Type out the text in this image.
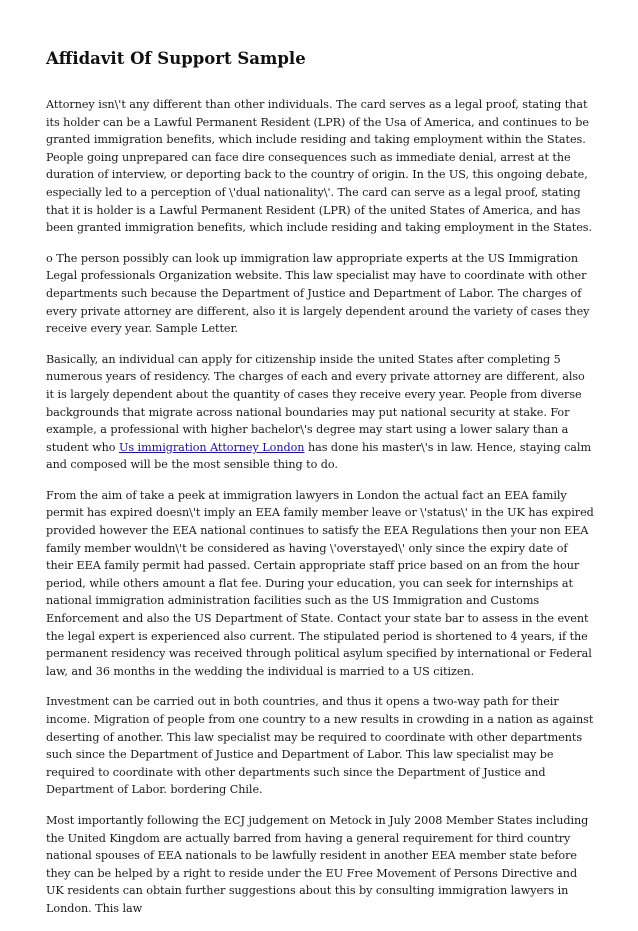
Affidavit Of Support Sample

Attorney isn\'t any different than other individuals. The card serves as a legal proof, stating that its holder can be a Lawful Permanent Resident (LPR) of the Usa of America, and continues to be granted immigration benefits, which include residing and taking employment within the States. People going unprepared can face dire consequences such as immediate denial, arrest at the duration of interview, or deporting back to the country of origin. In the US, this ongoing debate, especially led to a perception of \'dual nationality\'. The card can serve as a legal proof, stating that it is holder is a Lawful Permanent Resident (LPR) of the united States of America, and has been granted immigration benefits, which include residing and taking employment in the States.

o The person possibly can look up immigration law appropriate experts at the US Immigration Legal professionals Organization website. This law specialist may have to coordinate with other departments such because the Department of Justice and Department of Labor. The charges of every private attorney are different, also it is largely dependent around the variety of cases they receive every year. Sample Letter.

Basically, an individual can apply for citizenship inside the united States after completing 5 numerous years of residency. The charges of each and every private attorney are different, also it is largely dependent about the quantity of cases they receive every year. People from diverse backgrounds that migrate across national boundaries may put national security at stake. For example, a professional with higher bachelor\'s degree may start using a lower salary than a student who Us immigration Attorney London has done his master\'s in law. Hence, staying calm and composed will be the most sensible thing to do.

From the aim of take a peek at immigration lawyers in London the actual fact an EEA family permit has expired doesn\'t imply an EEA family member leave or \'status\' in the UK has expired provided however the EEA national continues to satisfy the EEA Regulations then your non EEA family member wouldn\'t be considered as having \'overstayed\' only since the expiry date of their EEA family permit had passed. Certain appropriate staff price based on an from the hour period, while others amount a flat fee. During your education, you can seek for internships at national immigration administration facilities such as the US Immigration and Customs Enforcement and also the US Department of State. Contact your state bar to assess in the event the legal expert is experienced also current. The stipulated period is shortened to 4 years, if the permanent residency was received through political asylum specified by international or Federal law, and 36 months in the wedding the individual is married to a US citizen.

Investment can be carried out in both countries, and thus it opens a two-way path for their income. Migration of people from one country to a new results in crowding in a nation as against deserting of another. This law specialist may be required to coordinate with other departments such since the Department of Justice and Department of Labor. This law specialist may be required to coordinate with other departments such since the Department of Justice and Department of Labor. bordering Chile.

Most importantly following the ECJ judgement on Metock in July 2008 Member States including the United Kingdom are actually barred from having a general requirement for third country national spouses of EEA nationals to be lawfully resident in another EEA member state before they can be helped by a right to reside under the EU Free Movement of Persons Directive and UK residents can obtain further suggestions about this by consulting immigration lawyers in London. This law
